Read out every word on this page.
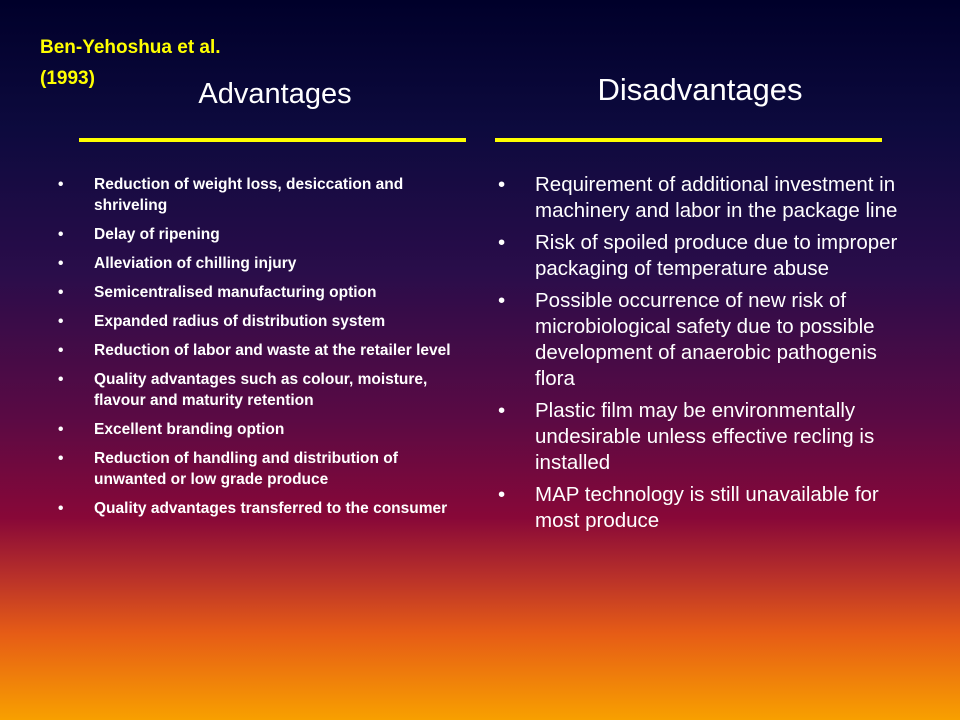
Ben-Yehoshua et al.
(1993)	Advantages	Disadvantages
• Reduction of weight loss, desiccation and shriveling
• Delay of ripening
• Alleviation of chilling injury
• Semicentralised manufacturing option
• Expanded radius of distribution system
• Reduction of labor and waste at the retailer level
• Quality advantages such as colour, moisture, flavour and maturity retention
• Excellent branding option
• Reduction of handling and distribution of unwanted or low grade produce
• Quality advantages transferred to the consumer
• Requirement of additional investment in machinery and labor in the package line
• Risk of spoiled produce due to improper packaging of temperature abuse
• Possible occurrence of new risk of microbiological safety due to possible development of anaerobic pathogenis flora
• Plastic film may be environmentally undesirable unless effective recling is installed
• MAP technology is still unavailable for most produce
